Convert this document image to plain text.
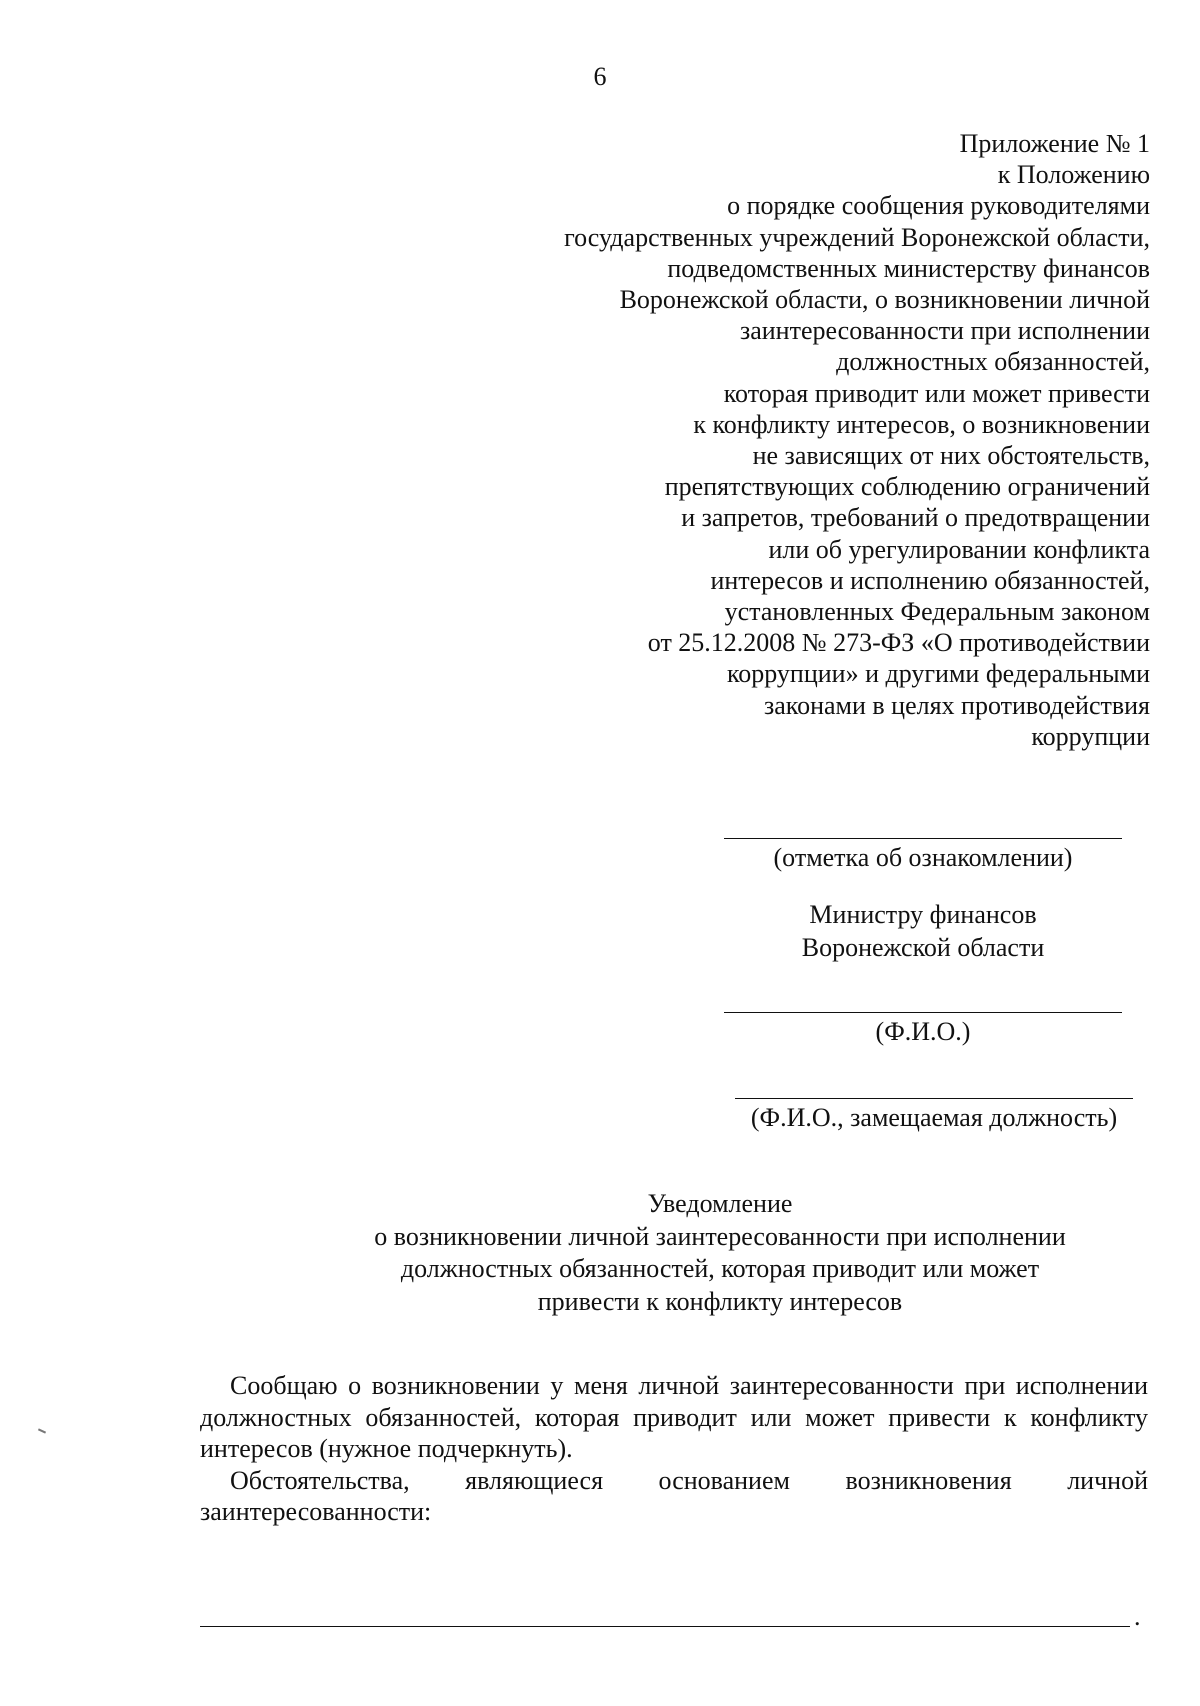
6
Приложение № 1
к Положению
о порядке сообщения руководителями
государственных учреждений Воронежской области,
подведомственных министерству финансов
Воронежской области, о возникновении личной
заинтересованности при исполнении
должностных обязанностей,
которая приводит или может привести
к конфликту интересов, о возникновении
не зависящих от них обстоятельств,
препятствующих соблюдению ограничений
и запретов, требований о предотвращении
или об урегулировании конфликта
интересов и исполнению обязанностей,
установленных Федеральным законом
от 25.12.2008 № 273-ФЗ «О противодействии
коррупции» и другими федеральными
законами в целях противодействия
коррупции
(отметка об ознакомлении)
Министру финансов
Воронежской области
(Ф.И.О.)
(Ф.И.О., замещаемая должность)
Уведомление
о возникновении личной заинтересованности при исполнении
должностных обязанностей, которая приводит или может
привести к конфликту интересов

Сообщаю о возникновении у меня личной заинтересованности при исполнении должностных обязанностей, которая приводит или может привести к конфликту интересов (нужное подчеркнуть).

Обстоятельства, являющиеся основанием возникновения личной заинтересованности:

.
